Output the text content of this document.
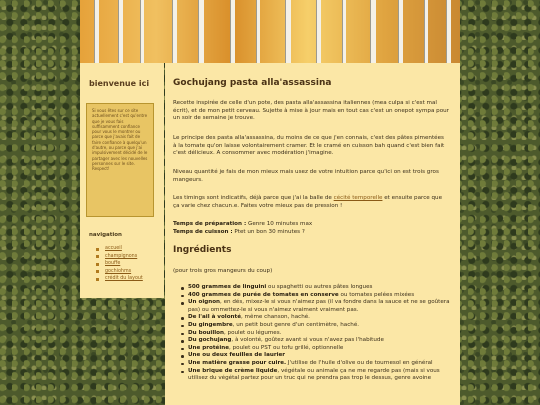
bienvenue ici
Si vous êtes sur ce site actuellement c'est qu'entre que je vous fais suffisamment confiance pour vous le montrer ou parce que j'avais fait de faire confiance à quelqu'un d'autre, ou parce que j'ai impulsivement décidé de le partager avec les nouvelles personnes sur le site. Respect!
navigation
accueil
champignons
bouffe
gochiohms
crédit du layout
Gochujang pasta alla'assassina

Recette inspirée de celle d'un pote, des pasta alla'assassina italiennes (mea culpa si c'est mal écrit), et de mon petit cerveau. Sujette à mise à jour mais en tout cas c'est un onepot sympa pour un soir de semaine je trouve.

Le principe des pasta alla'assassina, du moins de ce que j'en connais, c'est des pâtes pimentées à la tomate qu'on laisse volontairement cramer. Et le cramé en cuisson bah quand c'est bien fait c'est délicieux. A consommer avec modération j'imagine.

Niveau quantité je fais de mon mieux mais usez de votre intuition parce qu'ici on est trois gros mangeurs.

Les timings sont indicatifs, déjà parce que j'ai la balle de cécité temporelle et ensuite parce que ça varie chez chacun.e. Faites votre mieux pas de pression !

Temps de préparation : Genre 10 minutes max
Temps de cuisson : Ptet un bon 30 minutes ?

Ingrédients

(pour trois gros mangeurs du coup)

500 grammes de linguini ou spaghetti ou autres pâtes longues
400 grammes de purée de tomates en conserve ou tomates pelées mixées
Un oignon, en dés, mixez-le si vous n'aimez pas (il va fondre dans la sauce et ne se goûtera pas) ou ommettez-le si vous n'aimez vraiment vraiment pas.
De l'ail à volonté, même chanson, haché.
Du gingembre, un petit bout genre d'un centimètre, haché.
Du bouillon, poulet ou légumes.
Du gochujang, à volonté, goûtez avant si vous n'avez pas l'habitude
Une protéine, poulet ou PST ou tofu grillé, optionnelle
Une ou deux feuilles de laurier
Une matière grasse pour cuire. J'utilise de l'huile d'olive ou de tournesol en général
Une brique de crème liquide, végétale ou animale ça ne me regarde pas (mais si vous utilisez du végétal partez pour un truc qui ne prendra pas trop le dessus, genre avoine
